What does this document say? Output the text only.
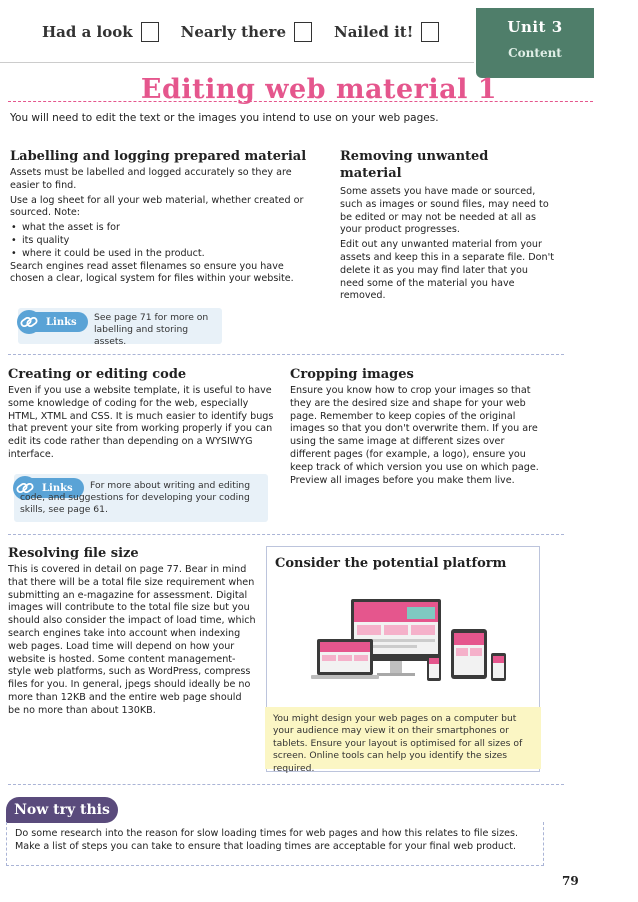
Had a look	Nearly there	Nailed it!	Unit 3
Content
Editing web material 1
You will need to edit the text or the images you intend to use on your web pages.
Labelling and logging prepared material

Assets must be labelled and logged accurately so they are easier to find.

Use a log sheet for all your web material, whether created or sourced. Note:

• what the asset is for
• its quality
• where it could be used in the product.

Search engines read asset filenames so ensure you have chosen a clear, logical system for files within your website.

Links See page 71 for more on labelling and storing assets.
Removing unwanted material

Some assets you have made or sourced, such as images or sound files, may need to be edited or may not be needed at all as your product progresses.

Edit out any unwanted material from your assets and keep this in a separate file. Don't delete it as you may find later that you need some of the material you have removed.

Creating or editing code

Even if you use a website template, it is useful to have some knowledge of coding for the web, especially HTML, XTML and CSS. It is much easier to identify bugs that prevent your site from working properly if you can edit its code rather than depending on a WYSIWYG interface.

Links	For more about writing and editing code, and suggestions for developing your coding skills, see page 61.
Cropping images

Ensure you know how to crop your images so that they are the desired size and shape for your web page. Remember to keep copies of the original images so that you don't overwrite them. If you are using the same image at different sizes over different pages (for example, a logo), ensure you keep track of which version you use on which page. Preview all images before you make them live.

Resolving file size

This is covered in detail on page 77. Bear in mind that there will be a total file size requirement when submitting an e-magazine for assessment. Digital images will contribute to the total file size but you should also consider the impact of load time, which search engines take into account when indexing web pages. Load time will depend on how your website is hosted. Some content management-style web platforms, such as WordPress, compress files for you. In general, jpegs should ideally be no more than 12KB and the entire web page should be no more than about 130KB.

Consider the potential platform
You might design your web pages on a computer but your audience may view it on their smartphones or tablets. Ensure your layout is optimised for all sizes of screen. Online tools can help you identify the sizes required.
Now try this
Do some research into the reason for slow loading times for web pages and how this relates to file sizes. Make a list of steps you can take to ensure that loading times are acceptable for your final web product.
79
